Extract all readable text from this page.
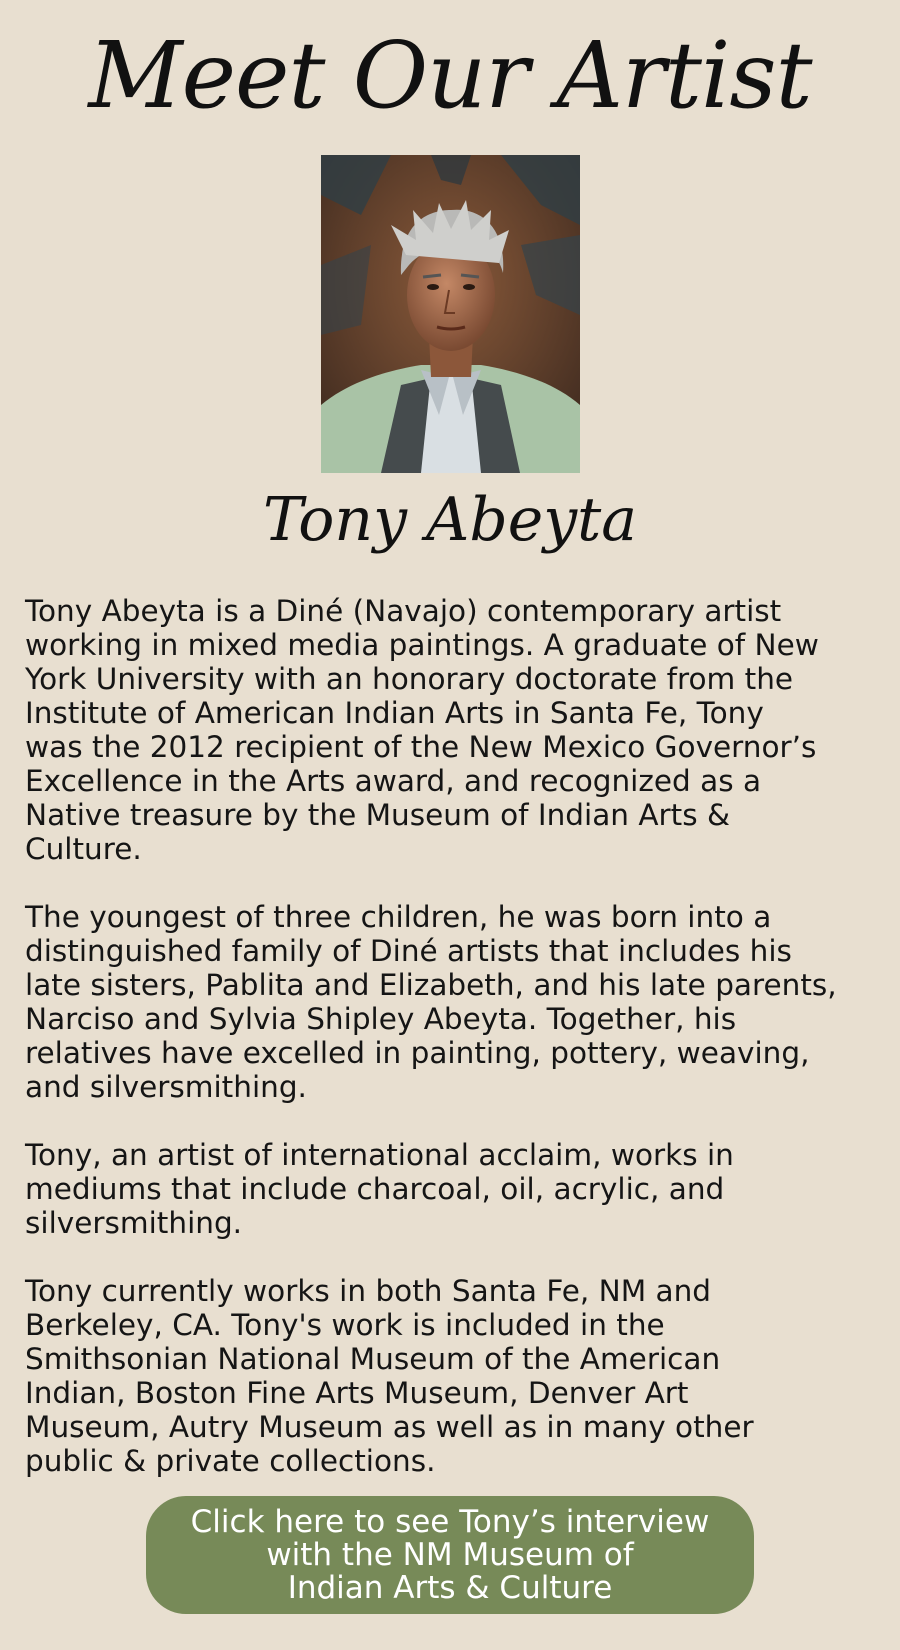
Meet Our Artist
Tony Abeyta

Tony Abeyta is a Diné (Navajo) contemporary artist
working in mixed media paintings. A graduate of New
York University with an honorary doctorate from the
Institute of American Indian Arts in Santa Fe, Tony
was the 2012 recipient of the New Mexico Governor’s
Excellence in the Arts award, and recognized as a
Native treasure by the Museum of Indian Arts &
Culture.

The youngest of three children, he was born into a
distinguished family of Diné artists that includes his
late sisters, Pablita and Elizabeth, and his late parents,
Narciso and Sylvia Shipley Abeyta. Together, his
relatives have excelled in painting, pottery, weaving,
and silversmithing.

Tony, an artist of international acclaim, works in
mediums that include charcoal, oil, acrylic, and
silversmithing.

Tony currently works in both Santa Fe, NM and
Berkeley, CA. Tony's work is included in the
Smithsonian National Museum of the American
Indian, Boston Fine Arts Museum, Denver Art
Museum, Autry Museum as well as in many other
public & private collections.

Click here to see Tony’s interview
with the NM Museum of
Indian Arts & Culture
